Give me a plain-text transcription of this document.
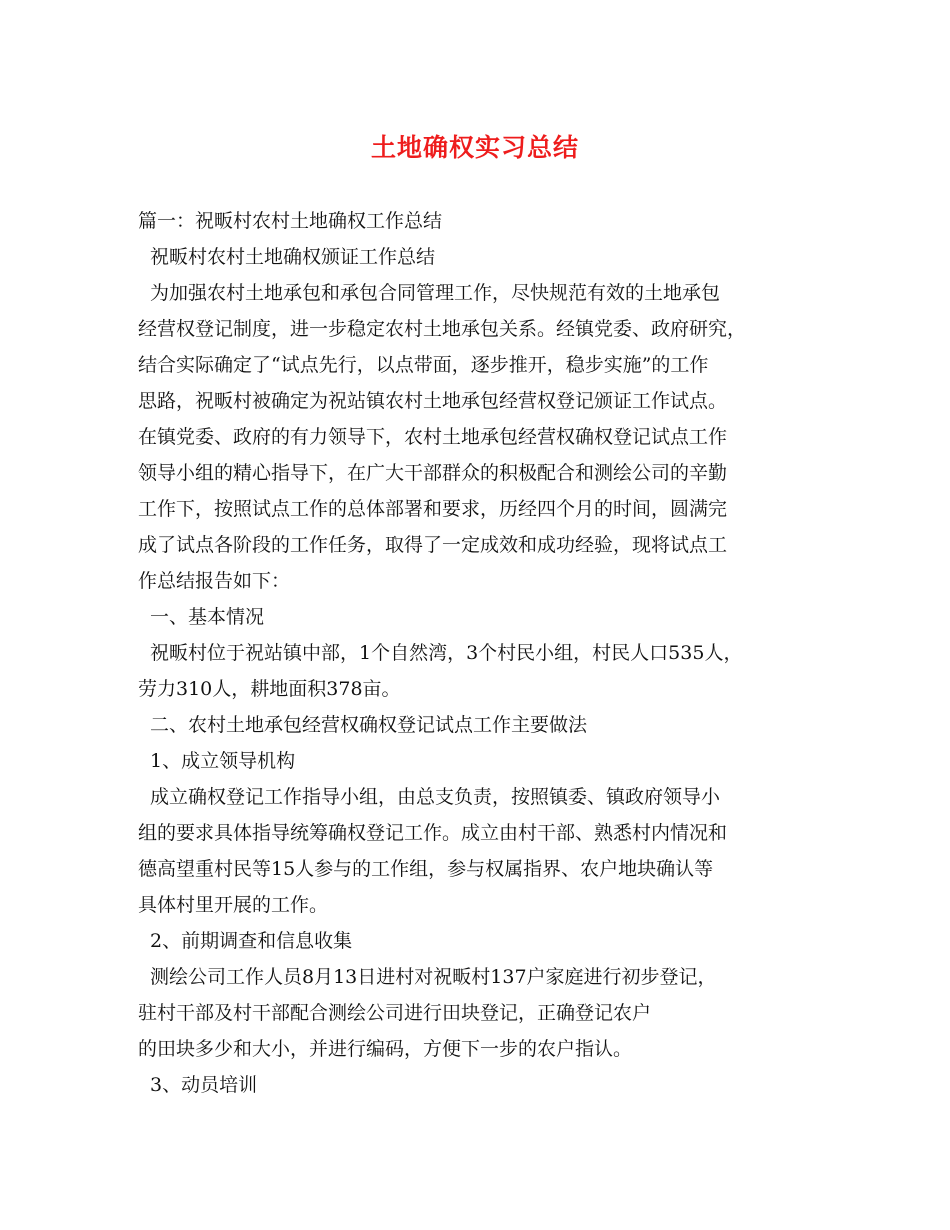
土地确权实习总结
篇一：祝畈村农村土地确权工作总结
祝畈村农村土地确权颁证工作总结
为加强农村土地承包和承包合同管理工作，尽快规范有效的土地承包
经营权登记制度，进一步稳定农村土地承包关系。经镇党委、政府研究，
结合实际确定了“试点先行，以点带面，逐步推开，稳步实施”的工作
思路，祝畈村被确定为祝站镇农村土地承包经营权登记颁证工作试点。
在镇党委、政府的有力领导下，农村土地承包经营权确权登记试点工作
领导小组的精心指导下，在广大干部群众的积极配合和测绘公司的辛勤
工作下，按照试点工作的总体部署和要求，历经四个月的时间，圆满完
成了试点各阶段的工作任务，取得了一定成效和成功经验，现将试点工
作总结报告如下：
一、基本情况
祝畈村位于祝站镇中部，1个自然湾，3个村民小组，村民人口535人，
劳力310人，耕地面积378亩。
二、农村土地承包经营权确权登记试点工作主要做法
1、成立领导机构
成立确权登记工作指导小组，由总支负责，按照镇委、镇政府领导小
组的要求具体指导统筹确权登记工作。成立由村干部、熟悉村内情况和
德高望重村民等15人参与的工作组，参与权属指界、农户地块确认等
具体村里开展的工作。
2、前期调查和信息收集
测绘公司工作人员8月13日进村对祝畈村137户家庭进行初步登记，
驻村干部及村干部配合测绘公司进行田块登记，正确登记农户
的田块多少和大小，并进行编码，方便下一步的农户指认。
3、动员培训
